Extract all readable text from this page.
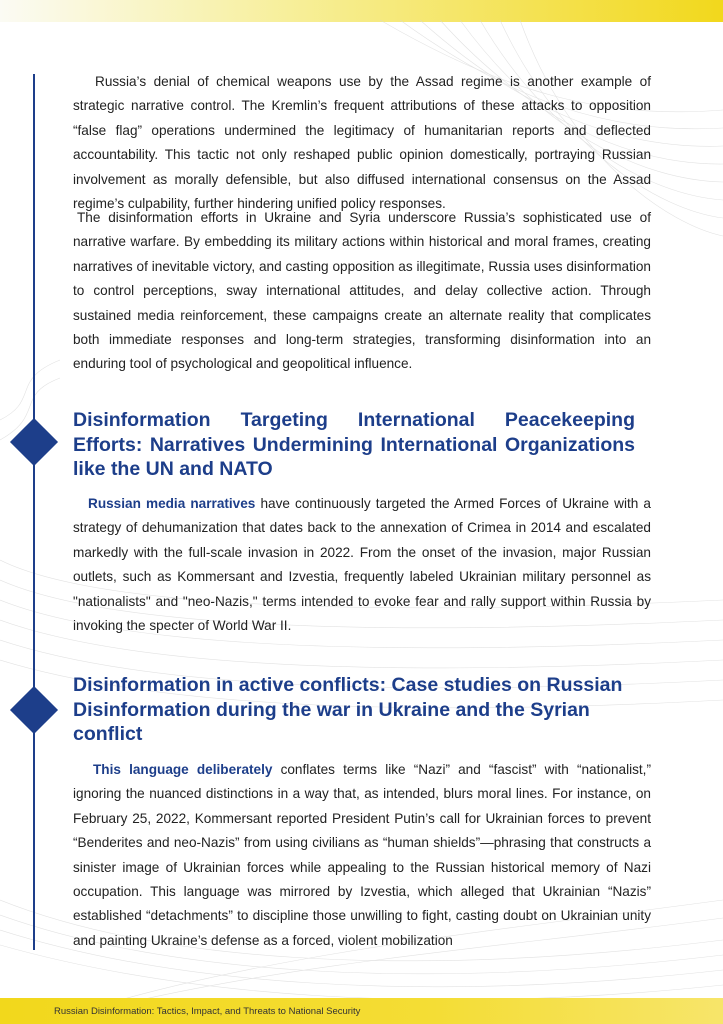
Russia’s denial of chemical weapons use by the Assad regime is another example of strategic narrative control. The Kremlin’s frequent attributions of these attacks to opposition “false flag” operations undermined the legitimacy of humanitarian reports and deflected accountability. This tactic not only reshaped public opinion domestically, portraying Russian involvement as morally defensible, but also diffused international consensus on the Assad regime’s culpability, further hindering unified policy responses.

The disinformation efforts in Ukraine and Syria underscore Russia’s sophisticated use of narrative warfare. By embedding its military actions within historical and moral frames, creating narratives of inevitable victory, and casting opposition as illegitimate, Russia uses disinformation to control perceptions, sway international attitudes, and delay collective action. Through sustained media reinforcement, these campaigns create an alternate reality that complicates both immediate responses and long-term strategies, transforming disinformation into an enduring tool of psychological and geopolitical influence.

Disinformation Targeting International Peacekeeping Efforts: Narratives Undermining International Organizations like the UN and NATO

Russian media narratives have continuously targeted the Armed Forces of Ukraine with a strategy of dehumanization that dates back to the annexation of Crimea in 2014 and escalated markedly with the full-scale invasion in 2022. From the onset of the invasion, major Russian outlets, such as Kommersant and Izvestia, frequently labeled Ukrainian military personnel as "nationalists" and "neo-Nazis," terms intended to evoke fear and rally support within Russia by invoking the specter of World War II.

Disinformation in active conflicts: Case studies on Russian Disinformation during the war in Ukraine and the Syrian conflict

This language deliberately conflates terms like “Nazi” and “fascist” with “nationalist,” ignoring the nuanced distinctions in a way that, as intended, blurs moral lines. For instance, on February 25, 2022, Kommersant reported President Putin’s call for Ukrainian forces to prevent “Benderites and neo-Nazis” from using civilians as “human shields”—phrasing that constructs a sinister image of Ukrainian forces while appealing to the Russian historical memory of Nazi occupation. This language was mirrored by Izvestia, which alleged that Ukrainian “Nazis” established “detachments” to discipline those unwilling to fight, casting doubt on Ukrainian unity and painting Ukraine’s defense as a forced, violent mobilization

Russian Disinformation: Tactics, Impact, and Threats to National Security
